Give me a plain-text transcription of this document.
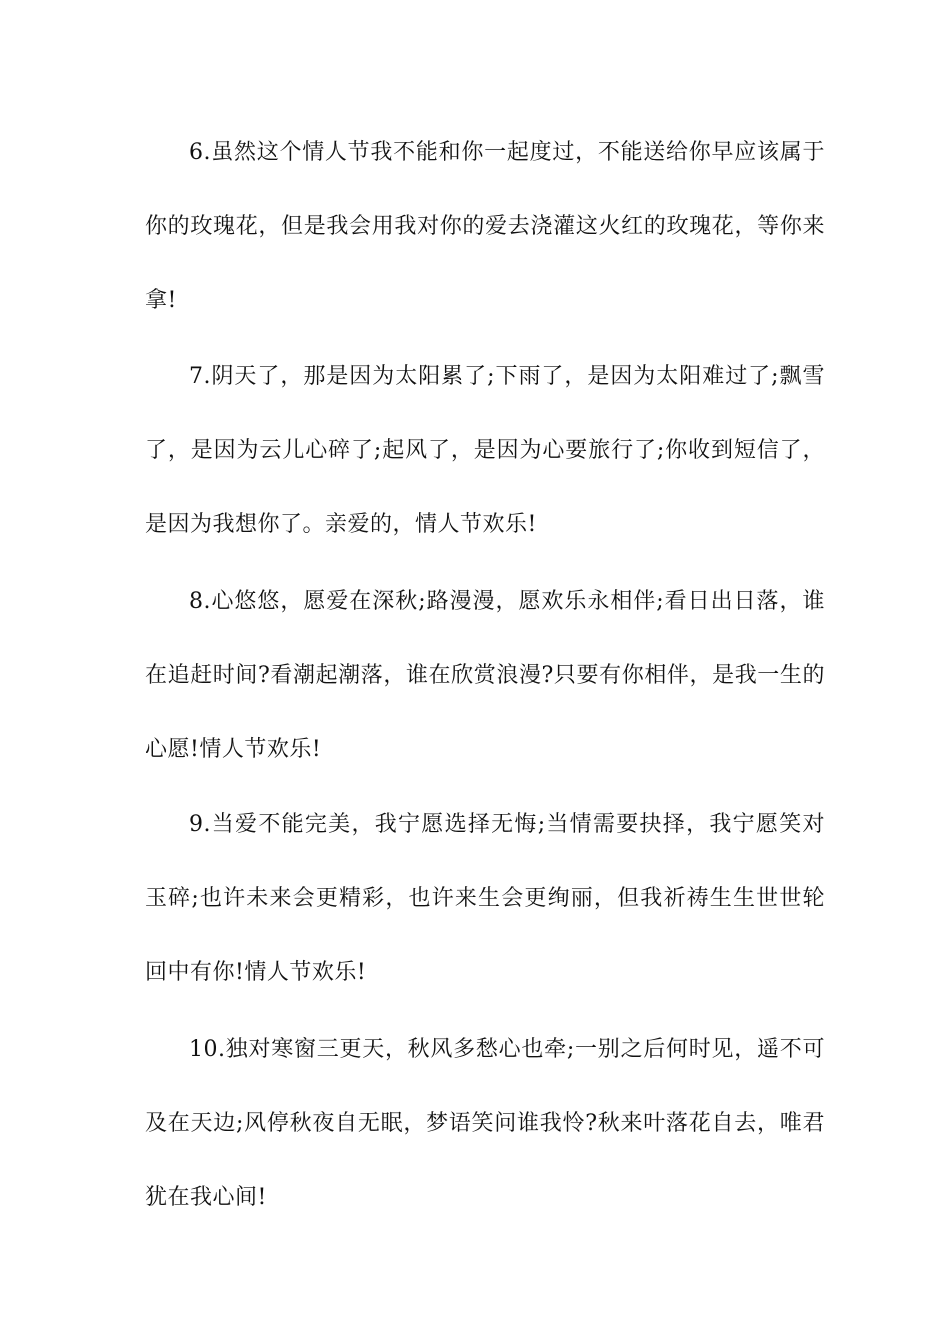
6.虽然这个情人节我不能和你一起度过，不能送给你早应该属于你的玫瑰花，但是我会用我对你的爱去浇灌这火红的玫瑰花，等你来拿!

7.阴天了，那是因为太阳累了;下雨了，是因为太阳难过了;飘雪了，是因为云儿心碎了;起风了，是因为心要旅行了;你收到短信了，是因为我想你了。亲爱的，情人节欢乐!

8.心悠悠，愿爱在深秋;路漫漫，愿欢乐永相伴;看日出日落，谁在追赶时间?看潮起潮落，谁在欣赏浪漫?只要有你相伴，是我一生的心愿!情人节欢乐!

9.当爱不能完美，我宁愿选择无悔;当情需要抉择，我宁愿笑对玉碎;也许未来会更精彩，也许来生会更绚丽，但我祈祷生生世世轮回中有你!情人节欢乐!

10.独对寒窗三更天，秋风多愁心也牵;一别之后何时见，遥不可及在天边;风停秋夜自无眠，梦语笑问谁我怜?秋来叶落花自去，唯君犹在我心间!
